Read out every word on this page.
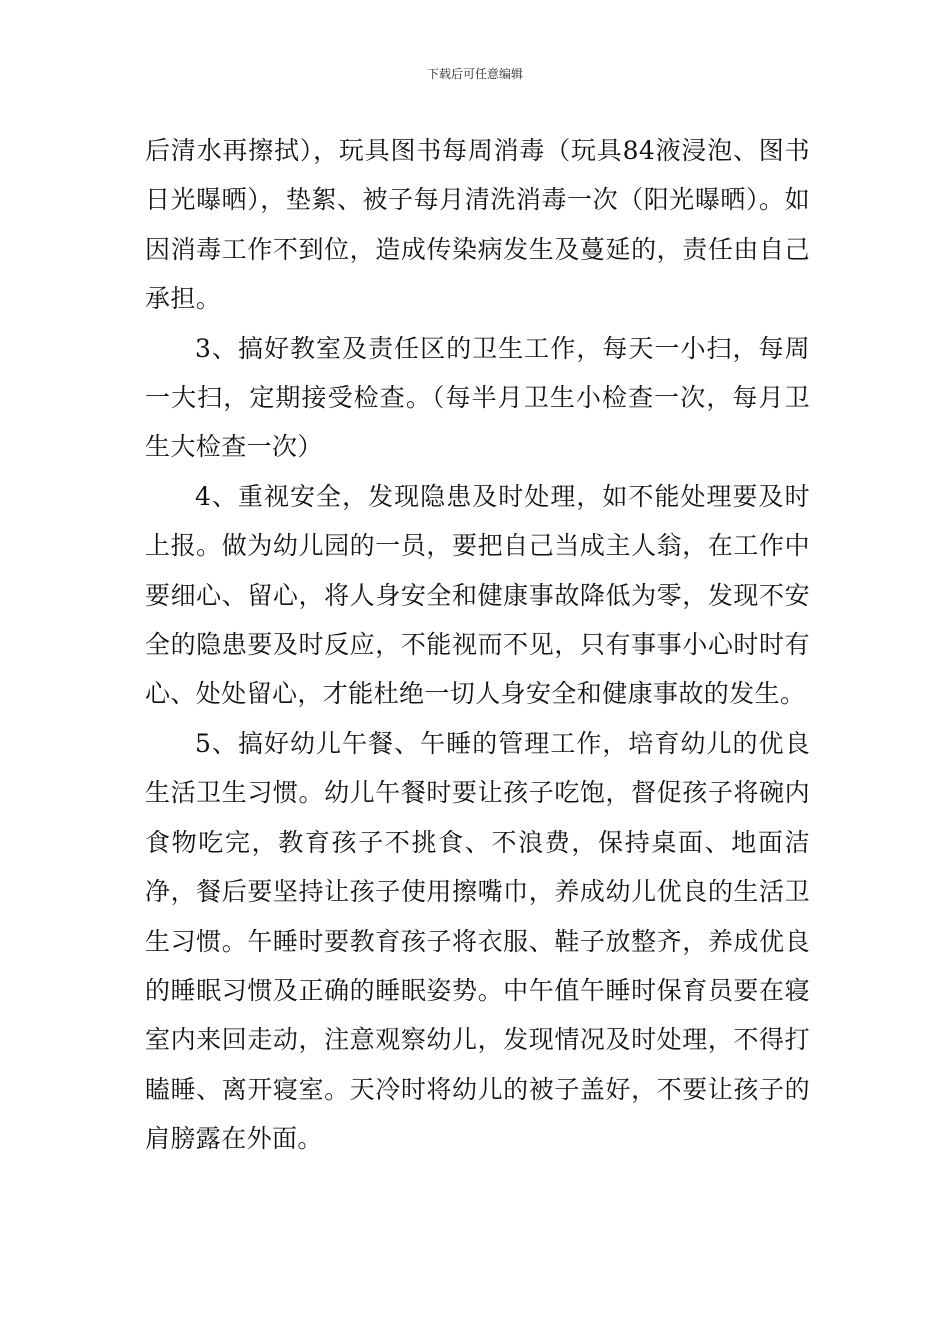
下载后可任意编辑

后清水再擦拭），玩具图书每周消毒（玩具84液浸泡、图书日光曝晒），垫絮、被子每月清洗消毒一次（阳光曝晒）。如因消毒工作不到位，造成传染病发生及蔓延的，责任由自己承担。

3、搞好教室及责任区的卫生工作，每天一小扫，每周一大扫，定期接受检查。（每半月卫生小检查一次，每月卫生大检查一次）

4、重视安全，发现隐患及时处理，如不能处理要及时上报。做为幼儿园的一员，要把自己当成主人翁，在工作中要细心、留心，将人身安全和健康事故降低为零，发现不安全的隐患要及时反应，不能视而不见，只有事事小心时时有心、处处留心，才能杜绝一切人身安全和健康事故的发生。

5、搞好幼儿午餐、午睡的管理工作，培育幼儿的优良生活卫生习惯。幼儿午餐时要让孩子吃饱，督促孩子将碗内食物吃完，教育孩子不挑食、不浪费，保持桌面、地面洁净，餐后要坚持让孩子使用擦嘴巾，养成幼儿优良的生活卫生习惯。午睡时要教育孩子将衣服、鞋子放整齐，养成优良的睡眠习惯及正确的睡眠姿势。中午值午睡时保育员要在寝室内来回走动，注意观察幼儿，发现情况及时处理，不得打瞌睡、离开寝室。天冷时将幼儿的被子盖好，不要让孩子的肩膀露在外面。
